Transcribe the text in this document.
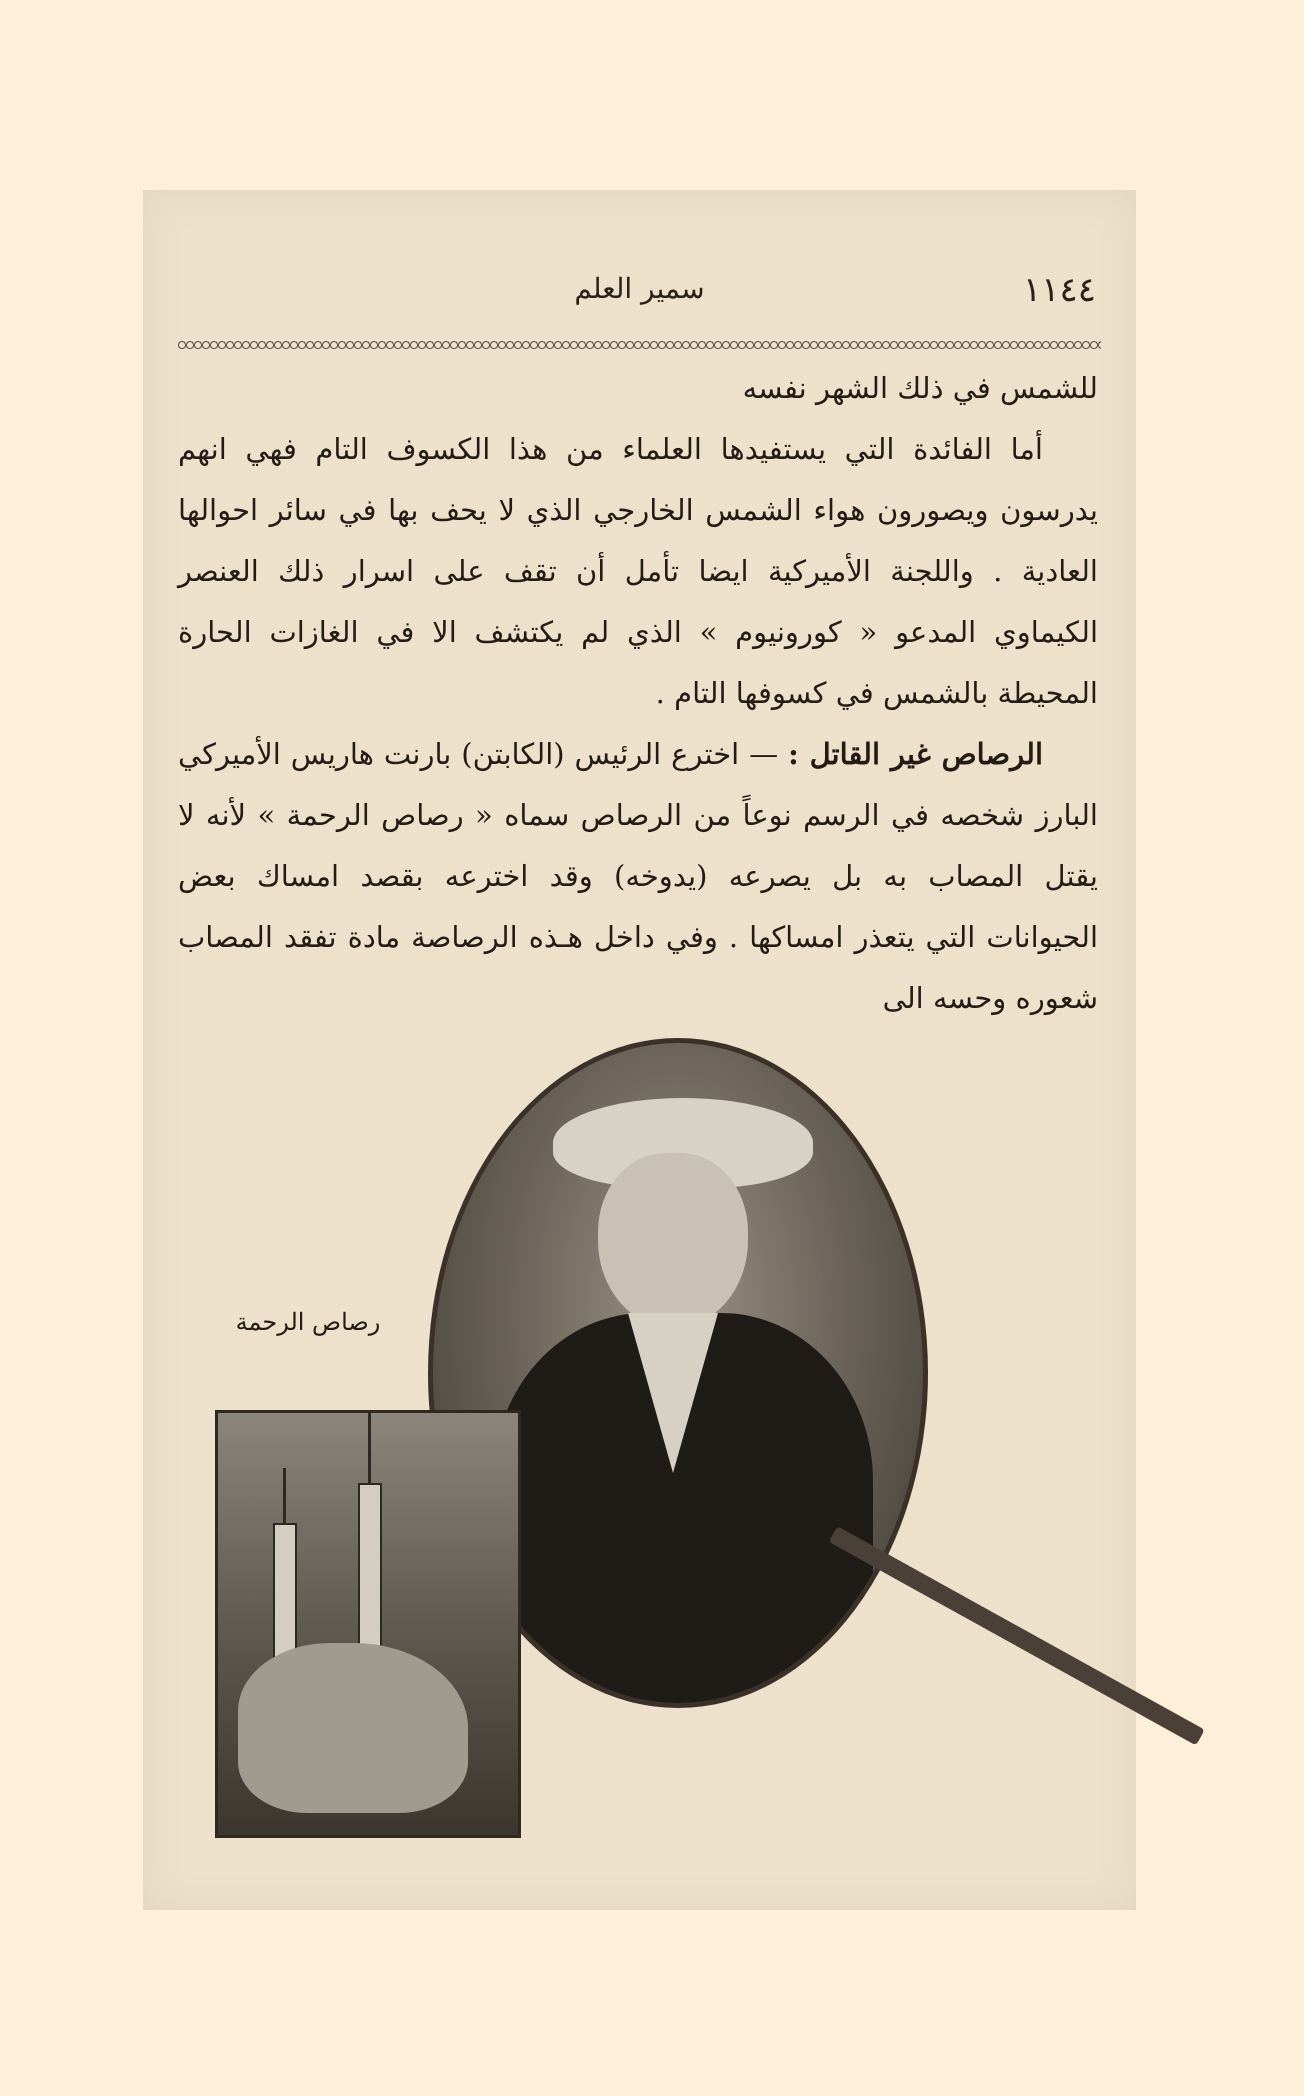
١١٤٤
سمير العلم

للشمس في ذلك الشهر نفسه

أما الفائدة التي يستفيدها العلماء من هذا الكسوف التام فهي انهم يدرسون ويصورون هواء الشمس الخارجي الذي لا يحف بها في سائر احوالها العادية . واللجنة الأميركية ايضا تأمل أن تقف على اسرار ذلك العنصر الكيماوي المدعو « كورونيوم » الذي لم يكتشف الا في الغازات الحارة المحيطة بالشمس في كسوفها التام .

الرصاص غير القاتل : — اخترع الرئيس (الكابتن) بارنت هاريس الأميركي البارز شخصه في الرسم نوعاً من الرصاص سماه « رصاص الرحمة » لأنه لا يقتل المصاب به بل يصرعه (يدوخه) وقد اخترعه بقصد امساك بعض الحيوانات التي يتعذر امساكها . وفي داخل هـذه الرصاصة مادة تفقد المصاب شعوره وحسه الى

رصاص الرحمة
